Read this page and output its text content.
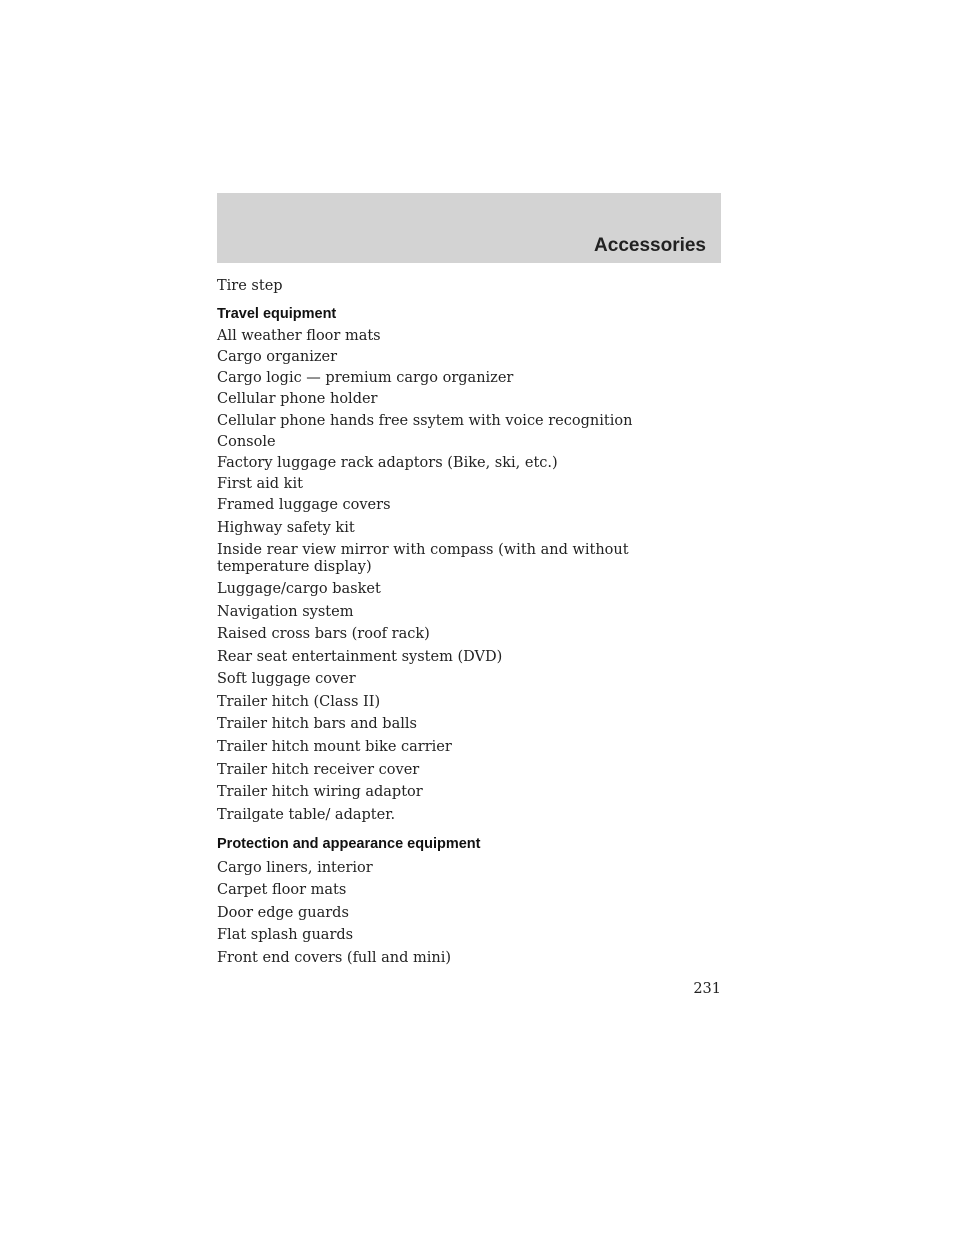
Accessories
Tire step
Travel equipment
All weather floor mats
Cargo organizer
Cargo logic — premium cargo organizer
Cellular phone holder
Cellular phone hands free ssytem with voice recognition
Console
Factory luggage rack adaptors (Bike, ski, etc.)
First aid kit
Framed luggage covers
Highway safety kit
Inside rear view mirror with compass (with and without temperature display)
Luggage/cargo basket
Navigation system
Raised cross bars (roof rack)
Rear seat entertainment system (DVD)
Soft luggage cover
Trailer hitch (Class II)
Trailer hitch bars and balls
Trailer hitch mount bike carrier
Trailer hitch receiver cover
Trailer hitch wiring adaptor
Trailgate table/ adapter.
Protection and appearance equipment
Cargo liners, interior
Carpet floor mats
Door edge guards
Flat splash guards
Front end covers (full and mini)
231
